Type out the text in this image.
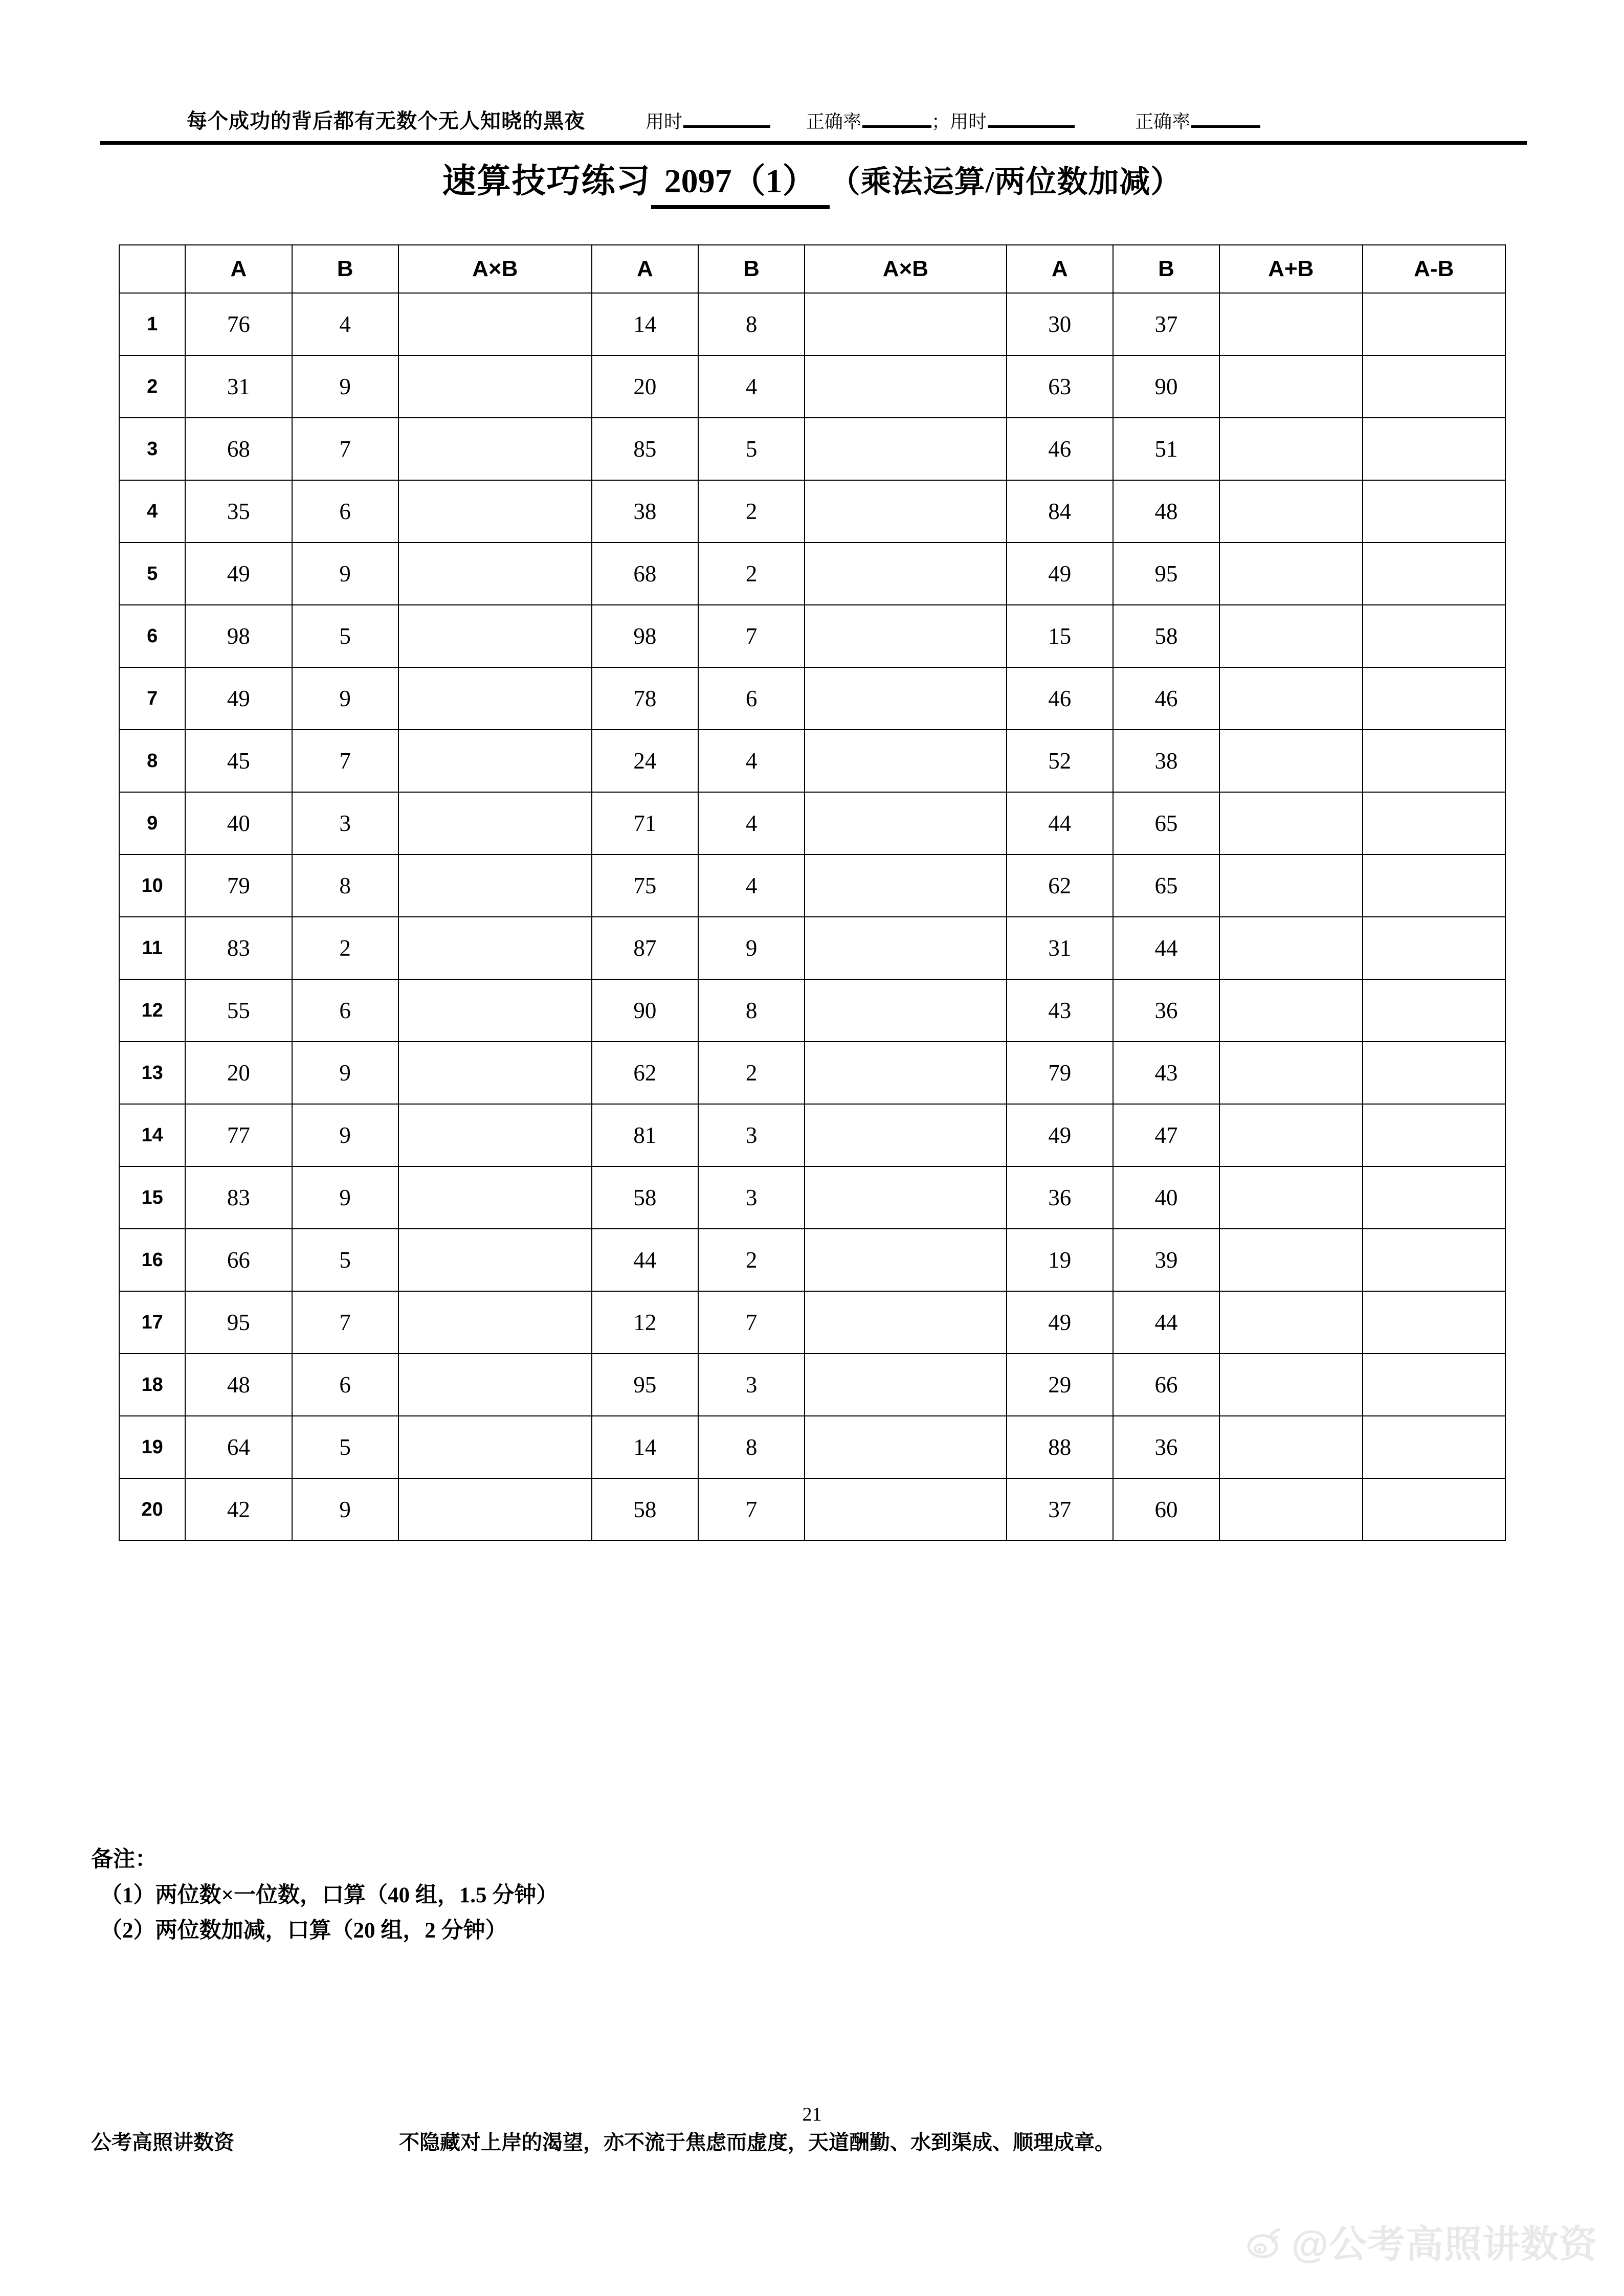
每个成功的背后都有无数个无人知晓的黑夜	用时	正确率	； 用时	正确率
速算技巧练习 2097（1） （乘法运算/两位数加减）
	A	B	A×B	A	B	A×B	A	B	A+B	A-B
1	76	4		14	8		30	37		
2	31	9		20	4		63	90		
3	68	7		85	5		46	51		
4	35	6		38	2		84	48		
5	49	9		68	2		49	95		
6	98	5		98	7		15	58		
7	49	9		78	6		46	46		
8	45	7		24	4		52	38		
9	40	3		71	4		44	65		
10	79	8		75	4		62	65		
11	83	2		87	9		31	44		
12	55	6		90	8		43	36		
13	20	9		62	2		79	43		
14	77	9		81	3		49	47		
15	83	9		58	3		36	40		
16	66	5		44	2		19	39		
17	95	7		12	7		49	44		
18	48	6		95	3		29	66		
19	64	5		14	8		88	36		
20	42	9		58	7		37	60		
备注：
（1）两位数×一位数，口算（40 组，1.5 分钟）
（2）两位数加减，口算（20 组，2 分钟）
21
公考高照讲数资	不隐藏对上岸的渴望，亦不流于焦虑而虚度，天道酬勤、水到渠成、顺理成章。
@公考高照讲数资
